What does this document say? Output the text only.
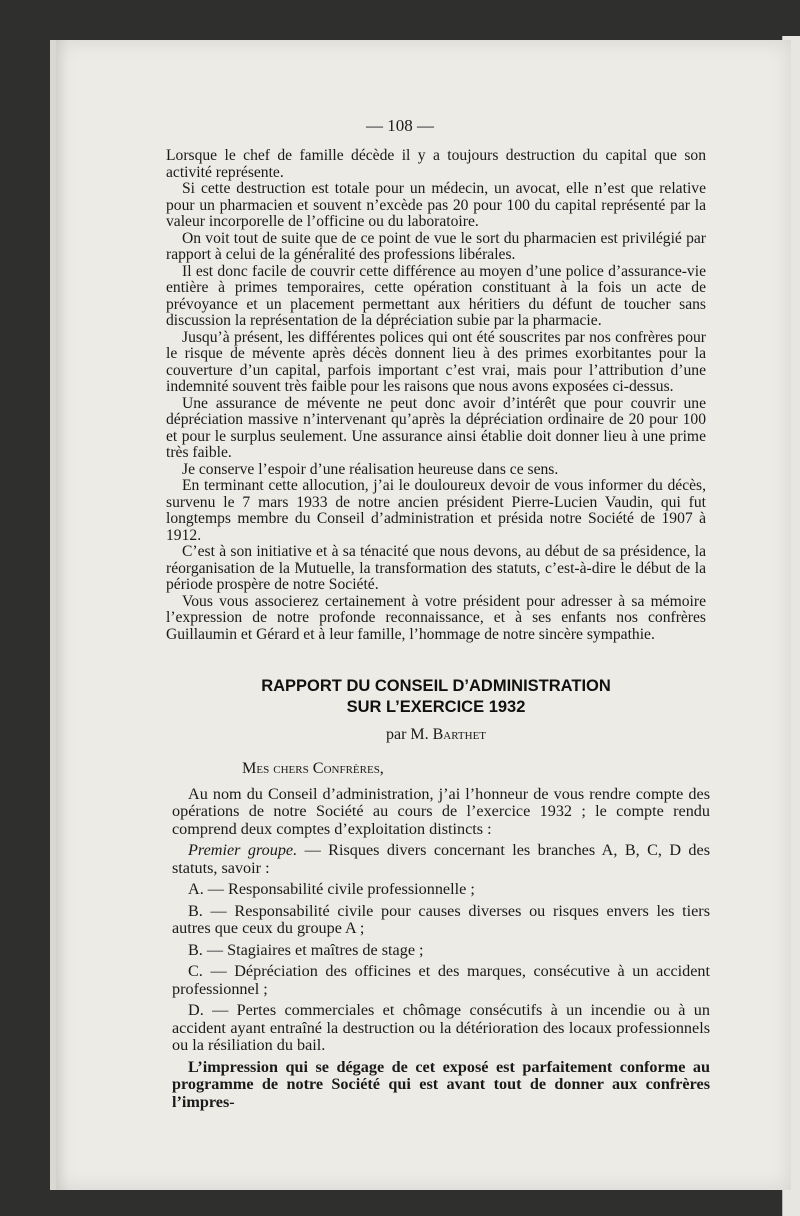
— 108 —

Lorsque le chef de famille décède il y a toujours destruction du capital que son activité représente.

Si cette destruction est totale pour un médecin, un avocat, elle n’est que relative pour un pharmacien et souvent n’excède pas 20 pour 100 du capital représenté par la valeur incorporelle de l’officine ou du laboratoire.

On voit tout de suite que de ce point de vue le sort du pharmacien est privilégié par rapport à celui de la généralité des professions libérales.

Il est donc facile de couvrir cette différence au moyen d’une police d’assurance-vie entière à primes temporaires, cette opération constituant à la fois un acte de prévoyance et un placement permettant aux héritiers du défunt de toucher sans discussion la représentation de la dépréciation subie par la pharmacie.

Jusqu’à présent, les différentes polices qui ont été souscrites par nos confrères pour le risque de mévente après décès donnent lieu à des primes exorbitantes pour la couverture d’un capital, parfois important c’est vrai, mais pour l’attribution d’une indemnité souvent très faible pour les raisons que nous avons exposées ci-dessus.

Une assurance de mévente ne peut donc avoir d’intérêt que pour couvrir une dépréciation massive n’intervenant qu’après la dépréciation ordinaire de 20 pour 100 et pour le surplus seulement. Une assurance ainsi établie doit donner lieu à une prime très faible.

Je conserve l’espoir d’une réalisation heureuse dans ce sens.

En terminant cette allocution, j’ai le douloureux devoir de vous informer du décès, survenu le 7 mars 1933 de notre ancien président Pierre-Lucien Vaudin, qui fut longtemps membre du Conseil d’administration et présida notre Société de 1907 à 1912.

C’est à son initiative et à sa ténacité que nous devons, au début de sa présidence, la réorganisation de la Mutuelle, la transformation des statuts, c’est-à-dire le début de la période prospère de notre Société.

Vous vous associerez certainement à votre président pour adresser à sa mémoire l’expression de notre profonde reconnaissance, et à ses enfants nos confrères Guillaumin et Gérard et à leur famille, l’hommage de notre sincère sympathie.

RAPPORT DU CONSEIL D’ADMINISTRATION
SUR L’EXERCICE 1932
par M. Barthet

Mes chers Confrères,

Au nom du Conseil d’administration, j’ai l’honneur de vous rendre compte des opérations de notre Société au cours de l’exercice 1932 ; le compte rendu comprend deux comptes d’exploitation distincts :

Premier groupe. — Risques divers concernant les branches A, B, C, D des statuts, savoir :

A. — Responsabilité civile professionnelle ;

B. — Responsabilité civile pour causes diverses ou risques envers les tiers autres que ceux du groupe A ;

B. — Stagiaires et maîtres de stage ;

C. — Dépréciation des officines et des marques, consécutive à un accident professionnel ;

D. — Pertes commerciales et chômage consécutifs à un incendie ou à un accident ayant entraîné la destruction ou la détérioration des locaux professionnels ou la résiliation du bail.

L’impression qui se dégage de cet exposé est parfaitement conforme au programme de notre Société qui est avant tout de donner aux confrères l’impres-
